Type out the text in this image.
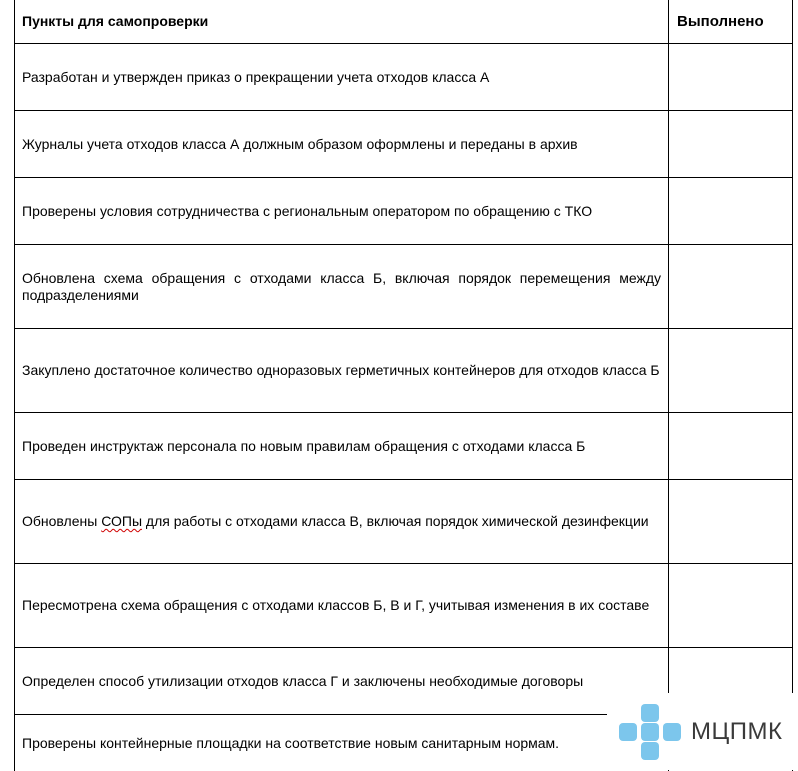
Пункты для самопроверки	Выполнено
Разработан и утвержден приказ о прекращении учета отходов класса А	
Журналы учета отходов класса А должным образом оформлены и переданы в архив	
Проверены условия сотрудничества с региональным оператором по обращению с ТКО	
Обновлена схема обращения с отходами класса Б, включая порядок перемещения между подразделениями	
Закуплено достаточное количество одноразовых герметичных контейнеров для отходов класса Б	
Проведен инструктаж персонала по новым правилам обращения с отходами класса Б	
Обновлены СОПы для работы с отходами класса В, включая порядок химической дезинфекции	
Пересмотрена схема обращения с отходами классов Б, В и Г, учитывая изменения в их составе	
Определен способ утилизации отходов класса Г и заключены необходимые договоры	
Проверены контейнерные площадки на соответствие новым санитарным нормам.		МЦПМК
